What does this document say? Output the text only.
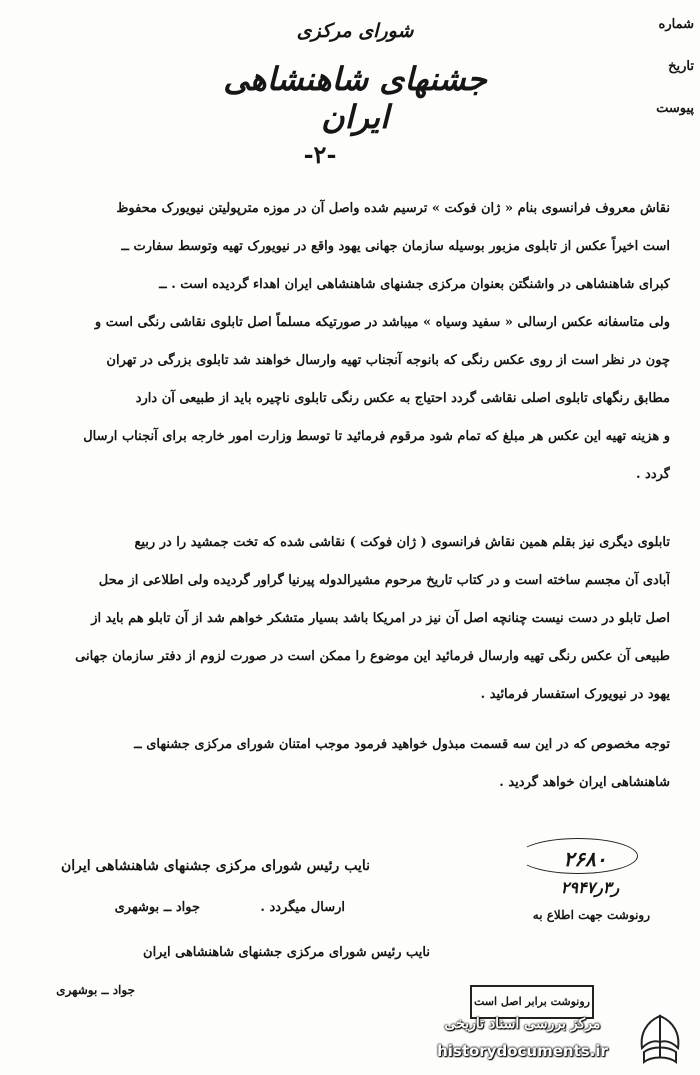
شماره
تاریخ
پیوست
شورای مرکزی
جشنهای شاهنشاهی ایران
-۲-
نقاش معروف فرانسوی بنام « ژان فوکت » ترسیم شده واصل آن در موزه مترپولیتن نیویورک محفوظ
است اخیراً عکس از تابلوی مزبور بوسیله سازمان جهانی یهود واقع در نیویورک تهیه وتوسط سفارت ــ
کبرای شاهنشاهی در واشنگتن بعنوان مرکزی جشنهای شاهنشاهی ایران اهداء گردیده است . ــ
ولی متاسفانه عکس ارسالی « سفید وسیاه » میباشد در صورتیکه مسلماً اصل تابلوی نقاشی رنگی است و
چون در نظر است از روی عکس رنگی که بانوجه آنجناب تهیه وارسال خواهند شد تابلوی بزرگی در تهران
مطابق رنگهای تابلوی اصلی نقاشی گردد احتیاج به عکس رنگی تابلوی ناچیره باید از طبیعی آن دارد
و هزینه تهیه این عکس هر مبلغ که تمام شود مرقوم فرمائید تا توسط وزارت امور خارجه برای آنجناب ارسال
گردد .
تابلوی دیگری نیز بقلم همین نقاش فرانسوی ( ژان فوکت ) نقاشی شده که تخت جمشید را در ربیع
آبادی آن مجسم ساخته است و در کتاب تاریخ مرحوم مشیرالدوله پیرنیا گراور گردیده ولی اطلاعی از محل
اصل تابلو در دست نیست چنانچه اصل آن نیز در امریکا باشد بسیار متشکر خواهم شد از آن تابلو هم باید از
طبیعی آن عکس رنگی تهیه وارسال فرمائید این موضوع را ممکن است در صورت لزوم از دفتر سازمان جهانی
یهود در نیویورک استفسار فرمائید .
توجه مخصوص که در این سه قسمت مبذول خواهید فرمود موجب امتنان شورای مرکزی جشنهای ــ
شاهنشاهی ایران خواهد گردید .
۲۶۸۰
۲۹ر۳ر۴۷
رونوشت جهت اطلاع به
نایب رئیس شورای مرکزی جشنهای شاهنشاهی ایران
ارسال میگردد .
جواد ــ بوشهری
نایب رئیس شورای مرکزی جشنهای شاهنشاهی ایران
جواد ــ بوشهری
رونوشت برابر اصل است
مرکز بررسی اسناد تاریخی
historydocuments.ir
